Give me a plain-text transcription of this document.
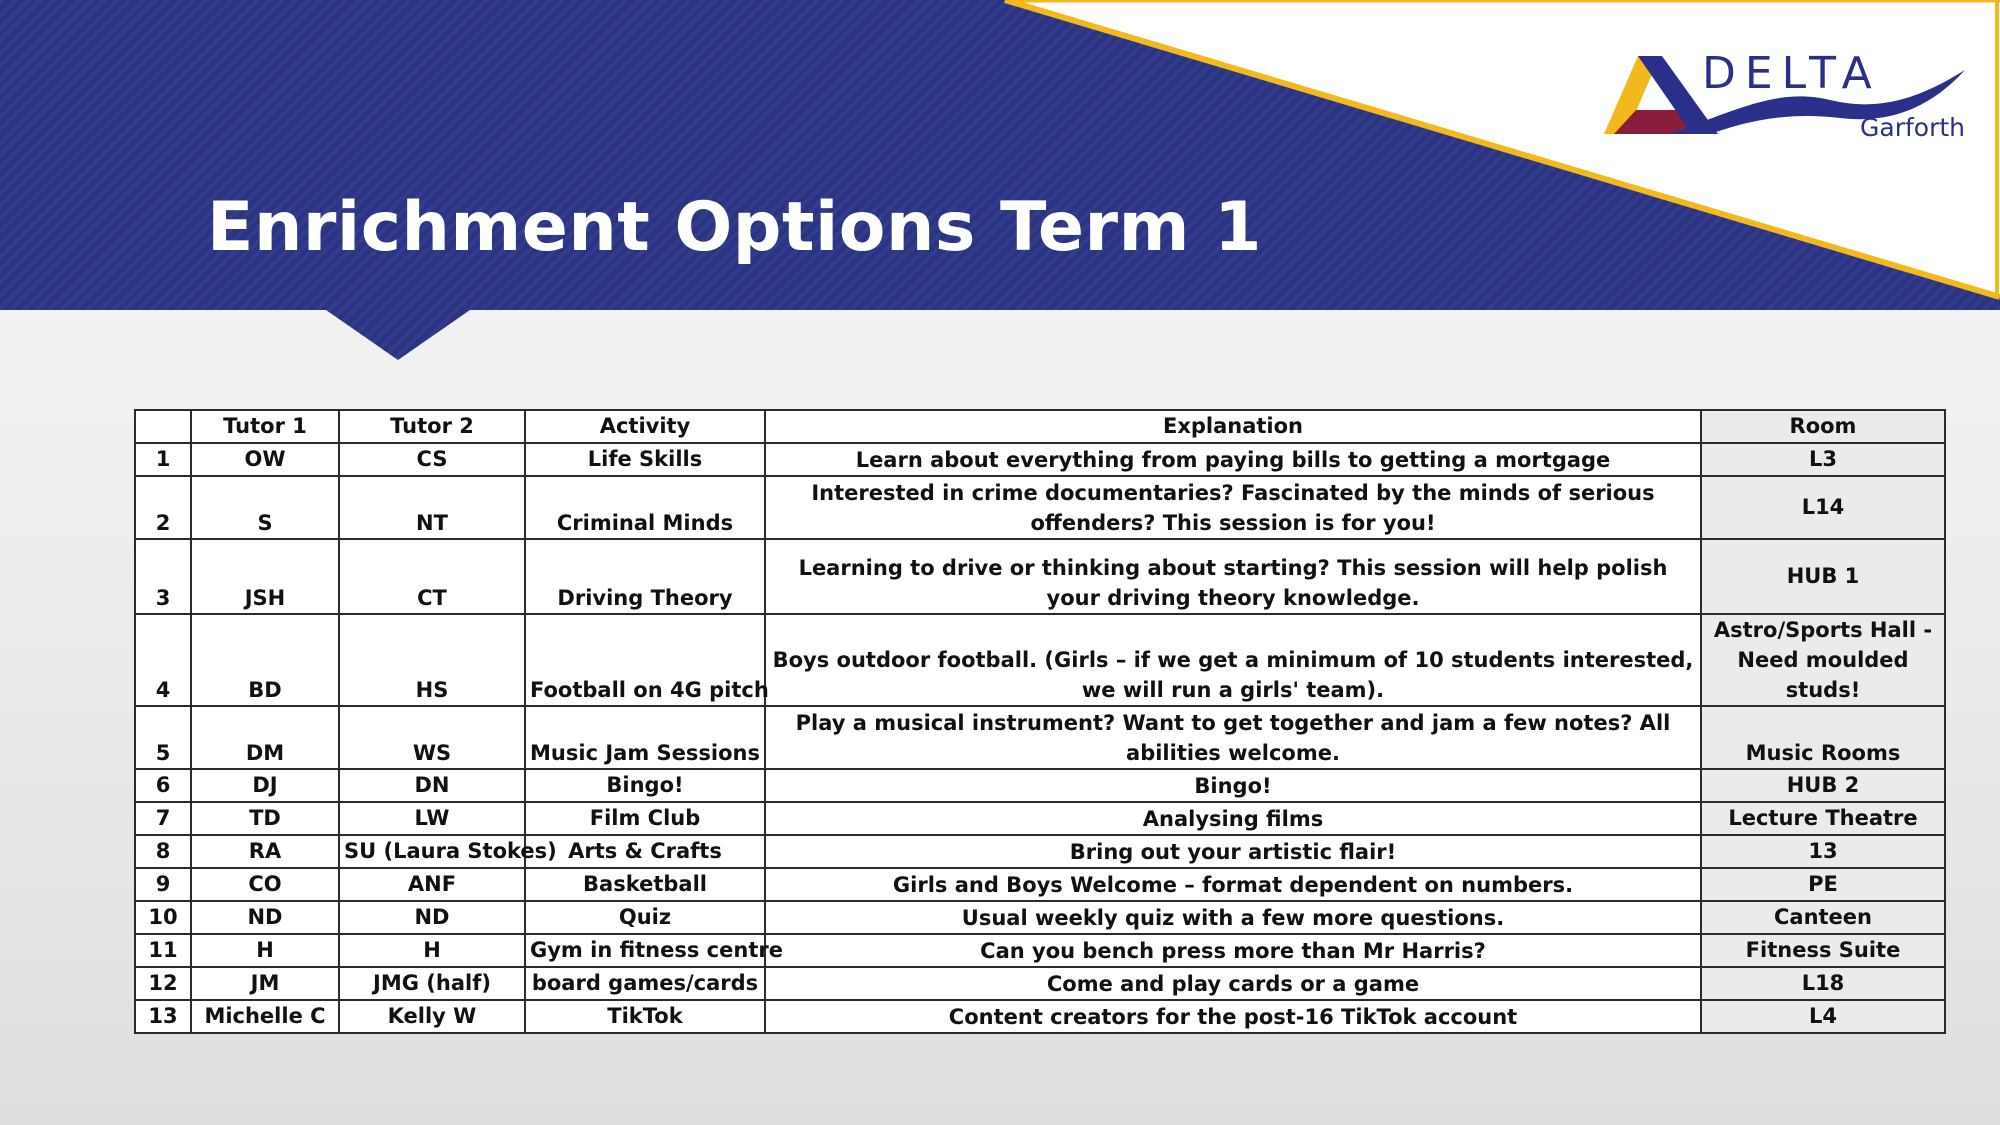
Enrichment Options Term 1
DELTA
Garforth
	Tutor 1	Tutor 2	Activity	Explanation	Room
1	OW	CS	Life Skills	Learn about everything from paying bills to getting a mortgage	L3
2	S	NT	Criminal Minds	Interested in crime documentaries? Fascinated by the minds of serious offenders? This session is for you!	L14
3	JSH	CT	Driving Theory	Learning to drive or thinking about starting? This session will help polish your driving theory knowledge.	HUB 1
4	BD	HS	Football on 4G pitch	Boys outdoor football. (Girls – if we get a minimum of 10 students interested, we will run a girls' team).	Astro/Sports Hall - Need moulded studs!
5	DM	WS	Music Jam Sessions	Play a musical instrument? Want to get together and jam a few notes? All abilities welcome.	Music Rooms
6	DJ	DN	Bingo!	Bingo!	HUB 2
7	TD	LW	Film Club	Analysing films	Lecture Theatre
8	RA	SU (Laura Stokes)	Arts & Crafts	Bring out your artistic flair!	13
9	CO	ANF	Basketball	Girls and Boys Welcome – format dependent on numbers.	PE
10	ND	ND	Quiz	Usual weekly quiz with a few more questions.	Canteen
11	H	H	Gym in fitness centre	Can you bench press more than Mr Harris?	Fitness Suite
12	JM	JMG (half)	board games/cards	Come and play cards or a game	L18
13	Michelle C	Kelly W	TikTok	Content creators for the post-16 TikTok account	L4
